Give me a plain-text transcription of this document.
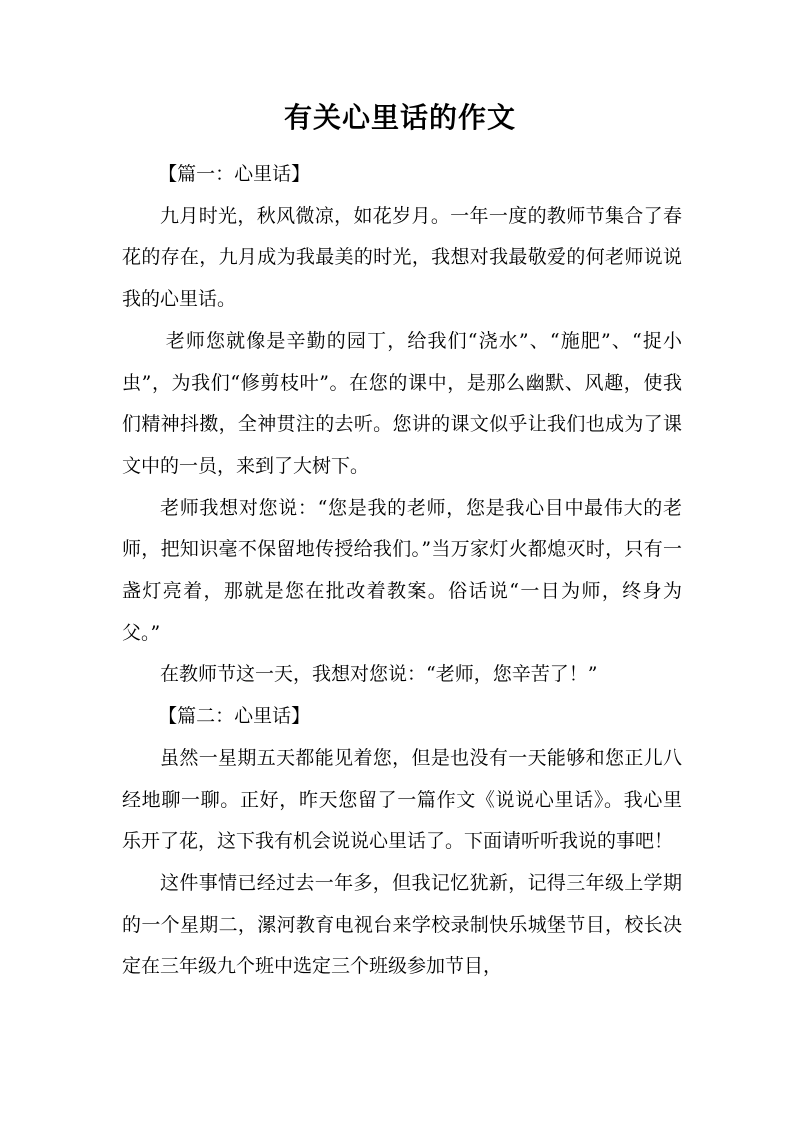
有关心里话的作文

【篇一：心里话】

九月时光，秋风微凉，如花岁月。一年一度的教师节集合了春花的存在，九月成为我最美的时光，我想对我最敬爱的何老师说说我的心里话。

老师您就像是辛勤的园丁，给我们“浇水”、“施肥”、“捉小虫”，为我们“修剪枝叶”。在您的课中，是那么幽默、风趣，使我们精神抖擞，全神贯注的去听。您讲的课文似乎让我们也成为了课文中的一员，来到了大树下。

老师我想对您说：“您是我的老师，您是我心目中最伟大的老师，把知识毫不保留地传授给我们。”当万家灯火都熄灭时，只有一盏灯亮着，那就是您在批改着教案。俗话说“一日为师，终身为父。”

在教师节这一天，我想对您说：“老师，您辛苦了！”

【篇二：心里话】

虽然一星期五天都能见着您，但是也没有一天能够和您正儿八经地聊一聊。正好，昨天您留了一篇作文《说说心里话》。我心里乐开了花，这下我有机会说说心里话了。下面请听听我说的事吧！

这件事情已经过去一年多，但我记忆犹新，记得三年级上学期的一个星期二，漯河教育电视台来学校录制快乐城堡节目，校长决定在三年级九个班中选定三个班级参加节目，
